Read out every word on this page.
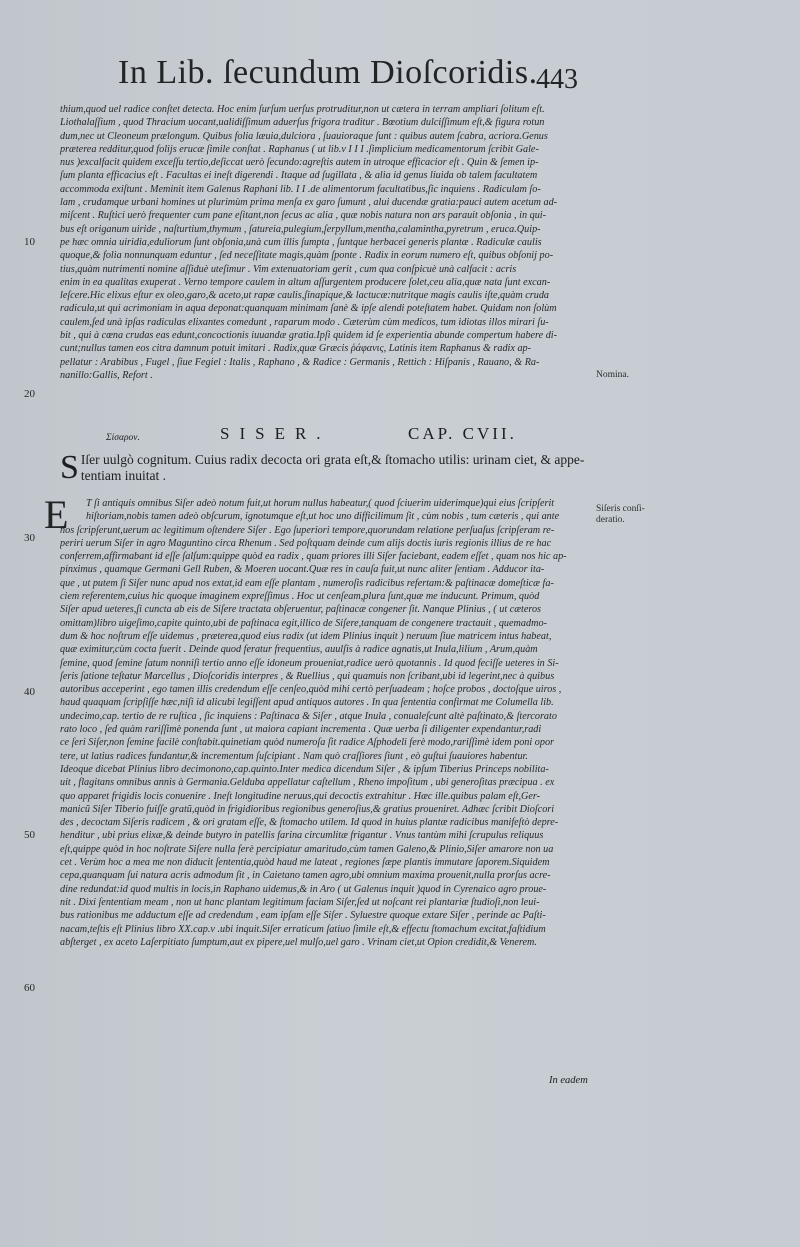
In Lib. ſecundum Dioſcoridis.
443
thium,quod uel radice conſtet detecta. Hoc enim ſurſum uerſus protruditur,non ut cætera in terram ampliari ſolitum eſt.
Liothalaſſium , quod Thracium uocant,ualidiſſimum aduerſus frigora traditur . Bœotium dulciſſimum eſt,& figura rotun
dum,nec ut Cleoneum prælongum. Quibus folia læuia,dulciora , ſuauioraque ſunt : quibus autem ſcabra, acriora.Genus
præterea redditur,quod folijs erucæ ſimile conſtat . Raphanus ( ut lib.v I I I .ſimplicium medicamentorum ſcribit Gale-
nus )excalfacit quidem exceſſu tertio,deſiccat uerò ſecundo:agreſtis autem in utroque efficacior eſt . Quin & ſemen ip-
ſum planta efficacius eſt . Facultas ei ineſt digerendi . Itaque ad ſugillata , & alia id genus liuida ob talem facultatem
accommoda exiſtunt . Meminit item Galenus Raphani lib. I I .de alimentorum facultatibus,ſic inquiens . Radiculam ſo-
lam , crudamque urbani homines ut plurimùm prima menſa ex garo ſumunt , alui ducendæ gratia:pauci autem acetum ad-
miſcent . Ruſtici uerò frequenter cum pane eſitant,non ſecus ac alia , quæ nobis natura non ars parauit obſonia , in qui-
bus eſt origanum uiride , naſturtium,thymum , ſatureia,pulegium,ſerpyllum,mentha,calamintha,pyretrum , eruca.Quip-
pe hæc omnia uiridia,eduliorum ſunt obſonia,unà cum illis ſumpta , ſuntque herbacei generis plantæ . Radiculæ caulis
quoque,& folia nonnunquam eduntur , ſed neceſſitate magis,quàm ſponte . Radix in eorum numero eſt, quibus obſonij po-
tius,quàm nutrimenti nomine aſſiduè uteſimur . Vim extenuatoriam gerit , cum qua conſpicuè unà calfacit : acris
enim in ea qualitas exuperat . Verno tempore caulem in altum aſſurgentem producere ſolet,ceu alia,quæ nata ſunt excan-
leſcere.Hic elixus eſtur ex oleo,garo,& aceto,ut rapæ caulis,ſinapique,& lactucæ:nutritque magis caulis iſte,quàm cruda
radicula,ut qui acrimoniam in aqua deponat:quanquam minimam ſanè & ipſe alendi poteſtatem habet. Quidam non ſolùm
caulem,ſed unà ipſas radiculas elixantes comedunt , raparum modo . Cæterùm cùm medicos, tum idiotas illos mirari ſu-
bit , qui à cœna crudas eas edunt,concoctionis iuuandæ gratia.Ipſi quidem id ſe experientia abunde compertum habere di-
cunt;nullus tamen eos citra damnum potuit imitari . Radix,quæ Græcis ῥάφανις, Latinis item Raphanus & radix ap-
pellatur : Arabibus , Fugel , ſiue Fegiel : Italis , Raphano , & Radice : Germanis , Rettich : Hiſpanis , Rauano, & Ra-
nanillo:Gallis, Refort .
10
20
30
40
50
60
Nomina.
Siſeris conſi-
deratio.
Σίσαρον.	SISER.	CAP. CVII.
S Iſer uulgò cognitum. Cuius radix decocta ori grata eſt,& ſtomacho utilis: urinam ciet, & appe-tentiam inuitat .
E	T ſi antiquis omnibus Siſer adeò notum fuit,ut horum nullus habeatur,( quod ſciuerim uiderimque)qui eius ſcripſerit
hiſtoriam,nobis tamen adeò obſcurum, ignotumque eſt,ut hoc uno difficilimum ſit , cùm nobis , tum cæteris , qui ante
nos ſcripſerunt,uerum ac legitimum oſtendere Siſer . Ego ſuperiori tempore,quorundam relatione perſuaſus ſcripſeram re-
periri uerum Siſer in agro Maguntino circa Rhenum . Sed poſtquam deinde cum alijs doctis iuris regionis illius de re hac
conferrem,affirmabant id eſſe ſalſum:quippe quòd ea radix , quam priores illi Siſer faciebant, eadem eſſet , quam nos hic ap-
pinximus , quamque Germani Gell Ruben, & Moeren uocant.Quæ res in cauſa fuit,ut nunc aliter ſentiam . Adducor ita-
que , ut putem ſi Siſer nunc apud nos extat,id eam eſſe plantam , numeroſis radicibus refertam:& paſtinacæ domeſticæ fa-
ciem referentem,cuius hic quoque imaginem expreſſimus . Hoc ut cenſeam,plura ſunt,quæ me inducunt. Primum, quòd
Siſer apud ueteres,ſi cuncta ab eis de Siſere tractata obſeruentur, paſtinacæ congener ſit. Nanque Plinius , ( ut cæteros
omittam)libro uigeſimo,capite quinto,ubi de paſtinaca egit,illico de Siſere,tanquam de congenere tractauit , quemadmo-
dum & hoc noſtrum eſſe uidemus , præterea,quod eius radix (ut idem Plinius inquit ) neruum ſiue matricem intus habeat,
quæ eximitur,cùm cocta fuerit . Deinde quod feratur frequentius, auulſis à radice agnatis,ut Inula,lilium , Arum,quàm
ſemine, quod ſemine ſatum nonniſi tertio anno eſſe idoneum proueniat,radice uerò quotannis . Id quod feciſſe ueteres in Si-
ſeris ſatione teſtatur Marcellus , Dioſcoridis interpres , & Ruellius , qui quamuis non ſcribant,ubi id legerint,nec à quibus
autoribus acceperint , ego tamen illis credendum eſſe cenſeo,quòd mihi certò perſuadeam ; hoſce probos , doctoſque uiros ,
haud quaquam ſcripſiſſe hæc,niſi id alicubi legiſſent apud antiquos autores . In qua ſententia confirmat me Columella lib.
undecimo,cap. tertio de re ruſtica , ſic inquiens : Paſtinaca & Siſer , atque Inula , conualeſcunt altè paſtinato,& ſtercorato
rato loco , ſed quàm rariſſimè ponenda ſunt , ut maiora capiant incrementa . Quæ uerba ſi diligenter expendantur,radi
ce ſeri Siſer,non ſemine facilè conſtabit.quinetiam quòd numeroſa ſit radice Aſphodeli ferè modo,rariſſimè idem poni opor
tere, ut latius radices fundantur,& incrementum ſuſcipiant . Nam quò craſſiores ſiunt , eò guſtui ſuauiores habentur.
Ideoque dicebat Plinius libro decimonono,cap.quinto.Inter medica dicendum Siſer , & ipſum Tiberius Princeps nobilita-
uit , flagitans omnibus annis à Germania.Gelduba appellatur caſtellum , Rheno impoſitum , ubi generoſitas præcipua . ex
quo apparet frigidis locis conuenire . Ineſt longitudine neruus,qui decoctis extrahitur . Hæc ille.quibus palam eſt,Ger-
manicũ Siſer Tiberio fuiſſe gratũ,quòd in frigidioribus regionibus generoſius,& gratius proueniret. Adhæc ſcribit Dioſcori
des , decoctam Siſeris radicem , & ori gratam eſſe, & ſtomacho utilem. Id quod in huius plantæ radicibus manifeſtò depre-
henditur , ubi prius elixæ,& deinde butyro in patellis farina circumlitæ frigantur . Vnus tantùm mihi ſcrupulus reliquus
eſt,quippe quòd in hoc noſtrate Siſere nulla ferè percipiatur amaritudo,cùm tamen Galeno,& Plinio,Siſer amarore non ua
cet . Verùm hoc a mea me non diducit ſententia,quòd haud me lateat , regiones ſæpe plantis immutare ſaporem.Siquidem
cepa,quanquam ſui natura acris admodum ſit , in Caietano tamen agro,ubi omnium maxima prouenit,nulla prorſus acre-
dine redundat:id quod multis in locis,in Raphano uidemus,& in Aro ( ut Galenus inquit )quod in Cyrenaico agro proue-
nit . Dixi ſententiam meam , non ut hanc plantam legitimum faciam Siſer,ſed ut noſcant rei plantariæ ſtudioſi,non leui-
bus rationibus me adductum eſſe ad credendum , eam ipſam eſſe Siſer . Syluestre quoque extare Siſer , perinde ac Paſti-
nacam,teſtis eſt Plinius libro XX.cap.v .ubi inquit.Siſer erraticum ſatiuo ſimile eſt,& effectu ſtomachum excitat,faſtidium
abſterget , ex aceto Laſerpitiato ſumptum,aut ex pipere,uel mulſo,uel garo . Vrinam ciet,ut Opion credidit,& Venerem.
In eadem
